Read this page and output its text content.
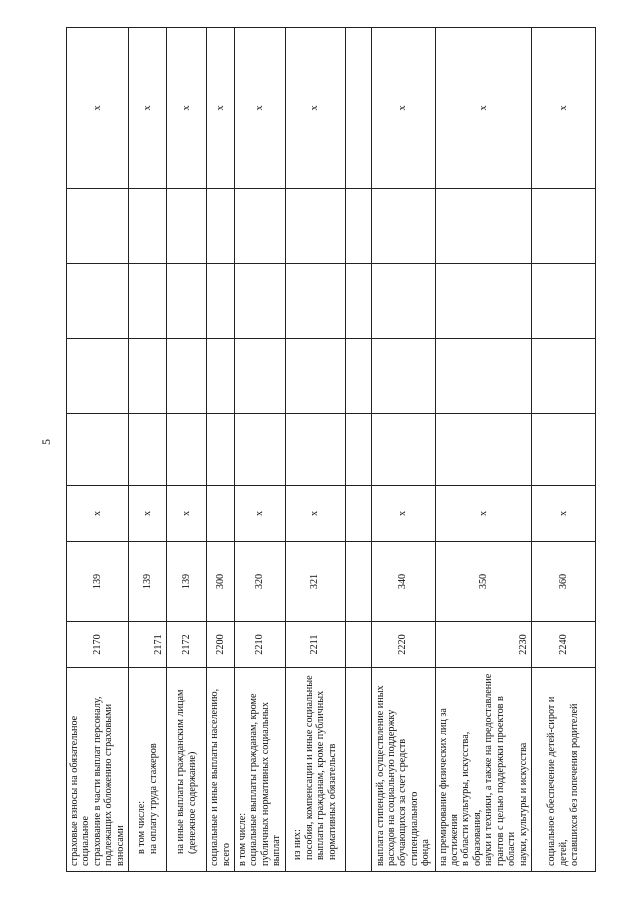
5
страховые взносы на обязательное социальное
страхование в части выплат персоналу,
подлежащих обложению страховыми взносами	2170	139	х					х

в том числе: на оплату труда стажеров	2171	139	х					х

на иные выплаты гражданским лицам (денежное содержание)	2172	139	х					х
социальные и иные выплаты населению, всего	2200	300						х
в том числе:
социальные выплаты гражданам, кроме
публичных нормативных социальных выплат	2210	320	х					х

из них: пособия, компенсации и иные социальные выплаты гражданам, кроме публичных нормативных обязательств	2211	321	х					х

выплата стипендий, осуществление иных
расходов на социальную поддержку
обучающихся за счет средств стипендиального
фонда	2220	340	х					х
на премирование физических лиц за достижения
в области культуры, искусства, образования,
науки и техники, а также на предоставление
грантов с целью поддержки проектов в области
науки, культуры и искусства	2230	350	х					х
социальное обеспечение детей-сирот и детей,
оставшихся без попечения родителей	2240	360	х					х
